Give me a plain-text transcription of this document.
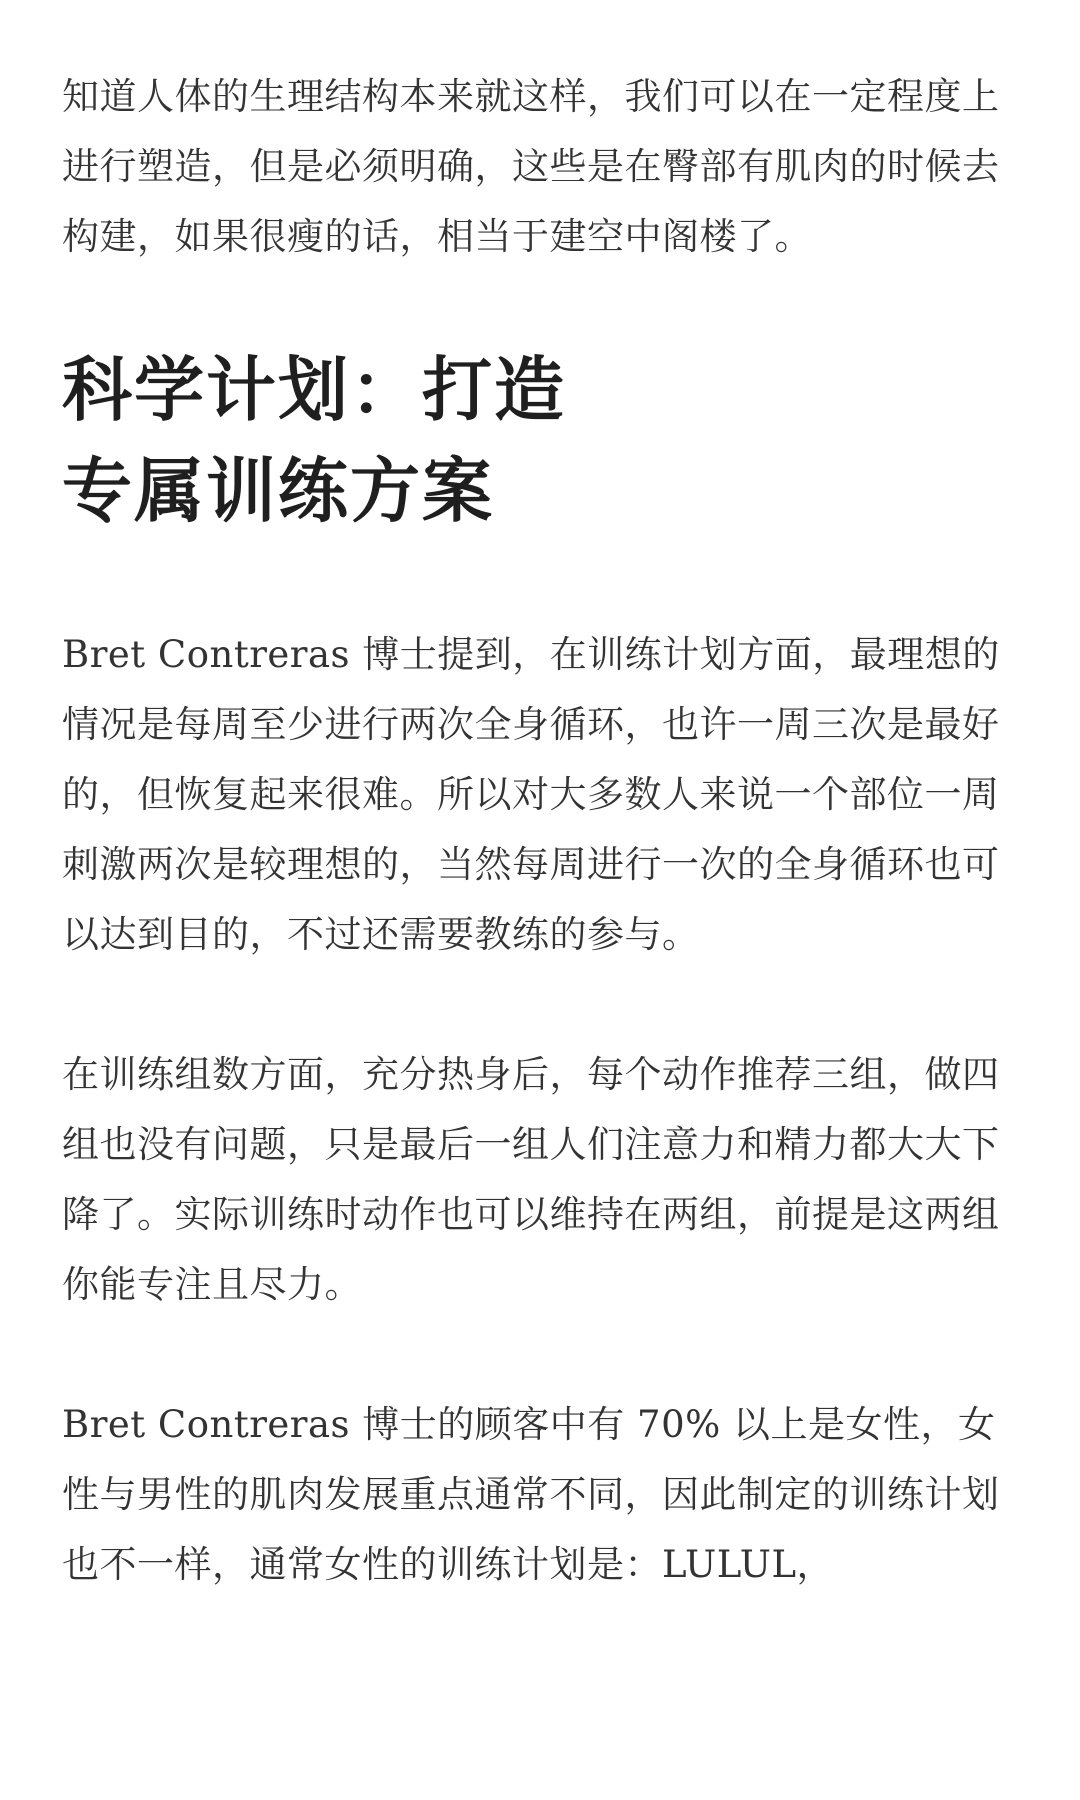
知道人体的生理结构本来就这样，我们可以在一定程度上进行塑造，但是必须明确，这些是在臀部有肌肉的时候去构建，如果很瘦的话，相当于建空中阁楼了。

科学计划：打造
专属训练方案

Bret Contreras 博士提到，在训练计划方面，最理想的情况是每周至少进行两次全身循环，也许一周三次是最好的，但恢复起来很难。所以对大多数人来说一个部位一周刺激两次是较理想的，当然每周进行一次的全身循环也可以达到目的，不过还需要教练的参与。

在训练组数方面，充分热身后，每个动作推荐三组，做四组也没有问题，只是最后一组人们注意力和精力都大大下降了。实际训练时动作也可以维持在两组，前提是这两组你能专注且尽力。

Bret Contreras 博士的顾客中有 70% 以上是女性，女性与男性的肌肉发展重点通常不同，因此制定的训练计划也不一样，通常女性的训练计划是：LULUL，
